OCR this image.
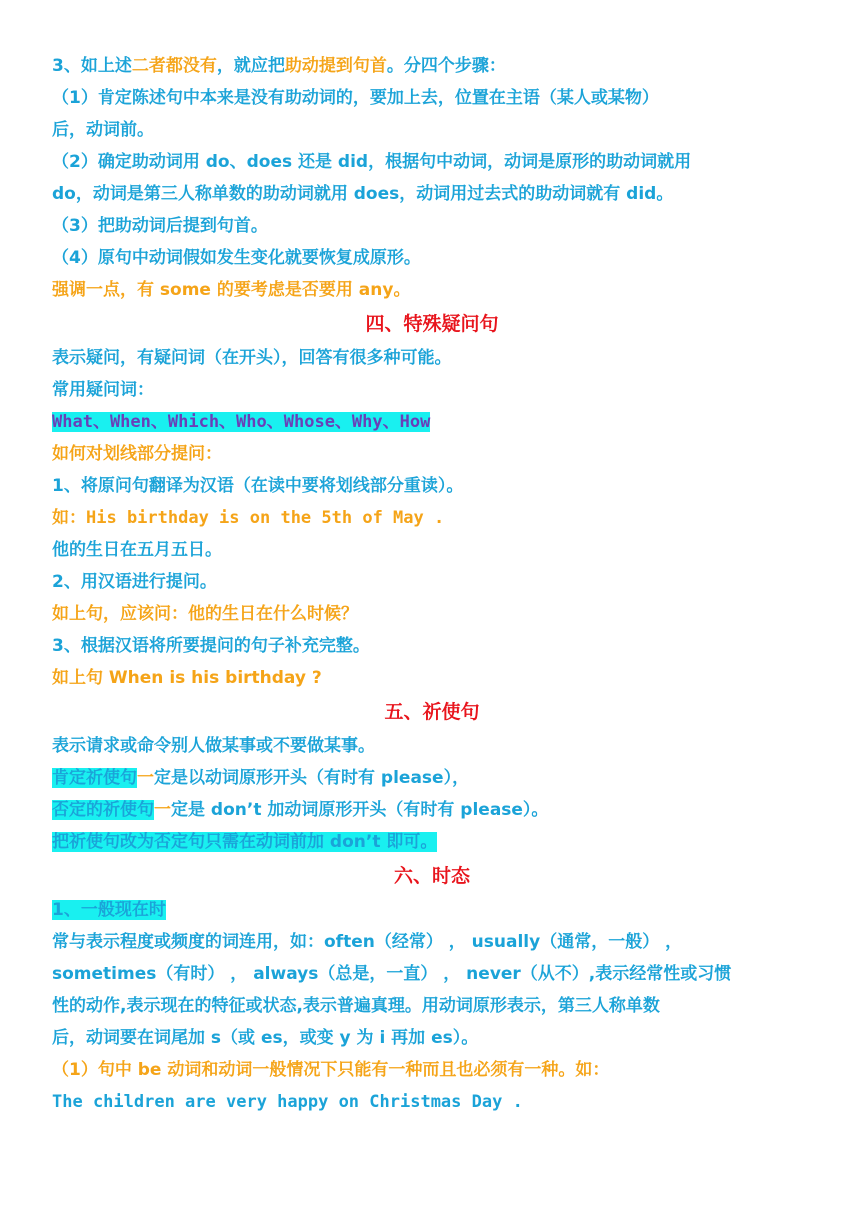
3、如上述二者都没有，就应把助动提到句首。分四个步骤：
（1）肯定陈述句中本来是没有助动词的，要加上去，位置在主语（某人或某物）
后，动词前。
（2）确定助动词用 do、does 还是 did，根据句中动词，动词是原形的助动词就用
do，动词是第三人称单数的助动词就用 does，动词用过去式的助动词就有 did。
（3）把助动词后提到句首。
（4）原句中动词假如发生变化就要恢复成原形。
强调一点，有 some 的要考虑是否要用 any。
四、特殊疑问句
表示疑问，有疑问词（在开头），回答有很多种可能。
常用疑问词：
What、When、Which、Who、Whose、Why、How
如何对划线部分提问：
1、将原问句翻译为汉语（在读中要将划线部分重读）。
如：His birthday is on the 5th of May .
他的生日在五月五日。
2、用汉语进行提问。
如上句，应该问：他的生日在什么时候？
3、根据汉语将所要提问的句子补充完整。
如上句 When is his birthday ?
五、祈使句
表示请求或命令别人做某事或不要做某事。
肯定祈使句一定是以动词原形开头（有时有 please），
否定的祈使句一定是 don’t 加动词原形开头（有时有 please）。
把祈使句改为否定句只需在动词前加 don’t 即可。
六、时态
1、一般现在时
常与表示程度或频度的词连用，如：often（经常） ， usually（通常，一般） ，
sometimes（有时） ， always（总是，一直） ， never（从不）,表示经常性或习惯
性的动作,表示现在的特征或状态,表示普遍真理。用动词原形表示，第三人称单数
后，动词要在词尾加 s（或 es，或变 y 为 i 再加 es）。
（1）句中 be 动词和动词一般情况下只能有一种而且也必须有一种。如：
The children are very happy on Christmas Day .
